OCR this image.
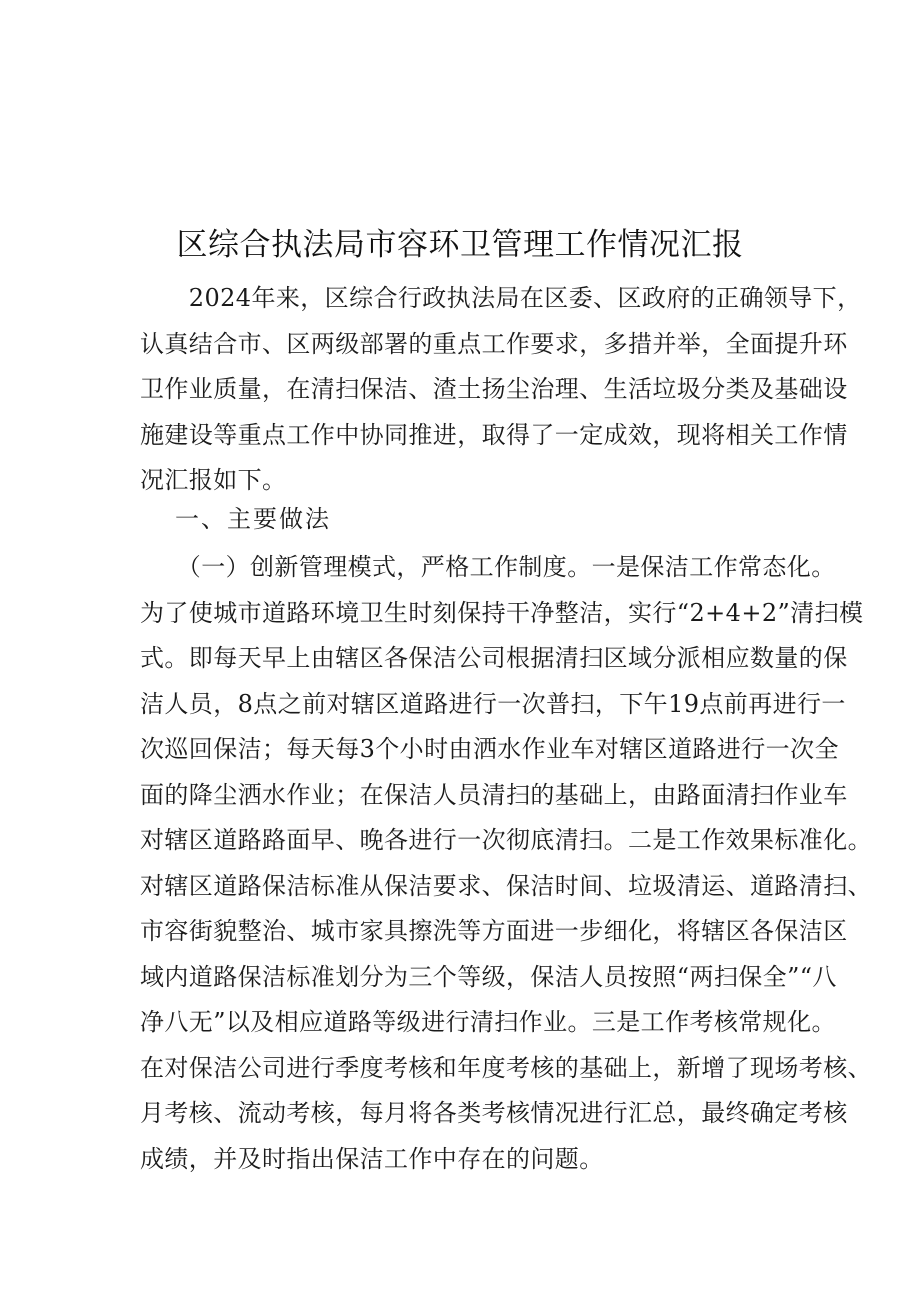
区综合执法局市容环卫管理工作情况汇报
　　2024年来，区综合行政执法局在区委、区政府的正确领导下，
认真结合市、区两级部署的重点工作要求，多措并举，全面提升环
卫作业质量，在清扫保洁、渣土扬尘治理、生活垃圾分类及基础设
施建设等重点工作中协同推进，取得了一定成效，现将相关工作情
况汇报如下。
一、主要做法
　　（一）创新管理模式，严格工作制度。一是保洁工作常态化。
为了使城市道路环境卫生时刻保持干净整洁，实行“2+4+2”清扫模
式。即每天早上由辖区各保洁公司根据清扫区域分派相应数量的保
洁人员，8点之前对辖区道路进行一次普扫，下午19点前再进行一
次巡回保洁；每天每3个小时由洒水作业车对辖区道路进行一次全
面的降尘洒水作业；在保洁人员清扫的基础上，由路面清扫作业车
对辖区道路路面早、晚各进行一次彻底清扫。二是工作效果标准化。
对辖区道路保洁标准从保洁要求、保洁时间、垃圾清运、道路清扫、
市容街貌整治、城市家具擦洗等方面进一步细化，将辖区各保洁区
域内道路保洁标准划分为三个等级，保洁人员按照“两扫保全”“八
净八无”以及相应道路等级进行清扫作业。三是工作考核常规化。
在对保洁公司进行季度考核和年度考核的基础上，新增了现场考核、
月考核、流动考核，每月将各类考核情况进行汇总，最终确定考核
成绩，并及时指出保洁工作中存在的问题。
